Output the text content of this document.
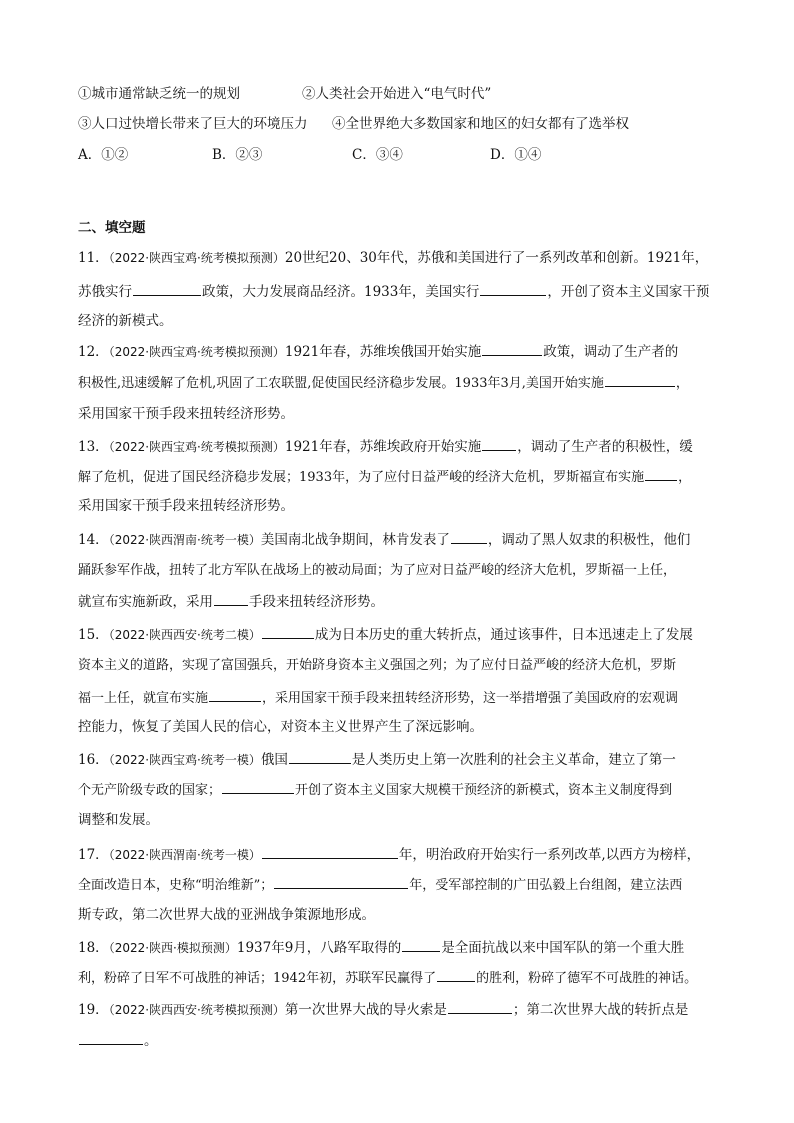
①城市通常缺乏统一的规划	②人类社会开始进入“电气时代”
③人口过快增长带来了巨大的环境压力 ④全世界绝大多数国家和地区的妇女都有了选举权
A．①②	B．②③	C．③④	D．①④
二、填空题
11．（2022·陕西宝鸡·统考模拟预测）20世纪20、30年代，苏俄和美国进行了一系列改革和创新。1921年，
苏俄实行	政策，大力发展商品经济。1933年，美国实行	，开创了资本主义国家干预
经济的新模式。
12．（2022·陕西宝鸡·统考模拟预测）1921年春，苏维埃俄国开始实施	政策，调动了生产者的
积极性,迅速缓解了危机,巩固了工农联盟,促使国民经济稳步发展。1933年3月,美国开始实施	，
采用国家干预手段来扭转经济形势。
13．（2022·陕西宝鸡·统考模拟预测）1921年春，苏维埃政府开始实施	，调动了生产者的积极性，缓
解了危机，促进了国民经济稳步发展；1933年，为了应付日益严峻的经济大危机，罗斯福宣布实施	，
采用国家干预手段来扭转经济形势。
14．（2022·陕西渭南·统考一模）美国南北战争期间，林肯发表了	，调动了黑人奴隶的积极性，他们
踊跃参军作战，扭转了北方军队在战场上的被动局面；为了应对日益严峻的经济大危机，罗斯福一上任，
就宣布实施新政，采用	手段来扭转经济形势。
15．（2022·陕西西安·统考二模）	成为日本历史的重大转折点，通过该事件，日本迅速走上了发展
资本主义的道路，实现了富国强兵，开始跻身资本主义强国之列；为了应付日益严峻的经济大危机，罗斯
福一上任，就宣布实施	，采用国家干预手段来扭转经济形势，这一举措增强了美国政府的宏观调
控能力，恢复了美国人民的信心，对资本主义世界产生了深远影响。
16．（2022·陕西宝鸡·统考一模）俄国	是人类历史上第一次胜利的社会主义革命，建立了第一
个无产阶级专政的国家；	开创了资本主义国家大规模干预经济的新模式，资本主义制度得到
调整和发展。
17．（2022·陕西渭南·统考一模）	年，明治政府开始实行一系列改革,以西方为榜样，
全面改造日本，史称“明治维新”；	年，受军部控制的广田弘毅上台组阁，建立法西
斯专政，第二次世界大战的亚洲战争策源地形成。
18．（2022·陕西·模拟预测）1937年9月，八路军取得的	是全面抗战以来中国军队的第一个重大胜
利，粉碎了日军不可战胜的神话；1942年初，苏联军民赢得了	的胜利，粉碎了德军不可战胜的神话。
19．（2022·陕西西安·统考模拟预测）第一次世界大战的导火索是	；第二次世界大战的转折点是
。
